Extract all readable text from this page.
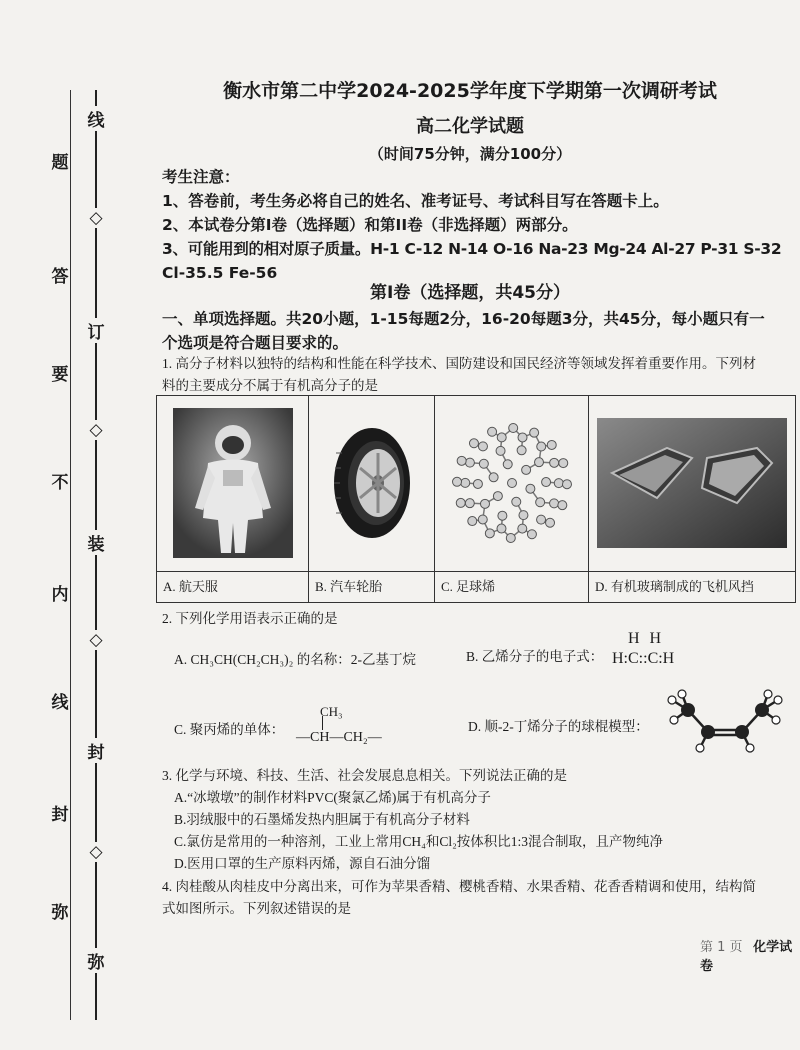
线
题
◇
答
订
要
◇
不
装
内
◇
线
封
封
◇
弥
弥
衡水市第二中学2024-2025学年度下学期第一次调研考试
高二化学试题
（时间75分钟，满分100分）
考生注意：
1、答卷前，考生务必将自己的姓名、准考证号、考试科目写在答题卡上。
2、本试卷分第I卷（选择题）和第II卷（非选择题）两部分。
3、可能用到的相对原子质量。H-1 C-12 N-14 O-16 Na-23 Mg-24 Al-27 P-31 S-32
Cl-35.5 Fe-56
第I卷（选择题，共45分）
一、单项选择题。共20小题，1-15每题2分，16-20每题3分，共45分，每小题只有一
个选项是符合题目要求的。
1. 高分子材料以独特的结构和性能在科学技术、国防建设和国民经济等领域发挥着重要作用。下列材
料的主要成分不属于有机高分子的是
A. 航天服	B. 汽车轮胎	C. 足球烯	D. 有机玻璃制成的飞机风挡
2. 下列化学用语表示正确的是
A. CH₃CH(CH₂CH₃)₂ 的名称：2-乙基丁烷	B. 乙烯分子的电子式：
H H
H:C::C:H
C. 聚丙烯的单体：
CH₃
—CH—CH₂—
D. 顺-2-丁烯分子的球棍模型：
3. 化学与环境、科技、生活、社会发展息息相关。下列说法正确的是
A.“冰墩墩”的制作材料PVC(聚氯乙烯)属于有机高分子
B.羽绒服中的石墨烯发热内胆属于有机高分子材料
C.氯仿是常用的一种溶剂，工业上常用CH₄和Cl₂按体积比1:3混合制取，且产物纯净
D.医用口罩的生产原料丙烯，源自石油分馏
4. 肉桂酸从肉桂皮中分离出来，可作为苹果香精、樱桃香精、水果香精、花香香精调和使用，结构简
式如图所示。下列叙述错误的是
第 1 页 化学试卷
